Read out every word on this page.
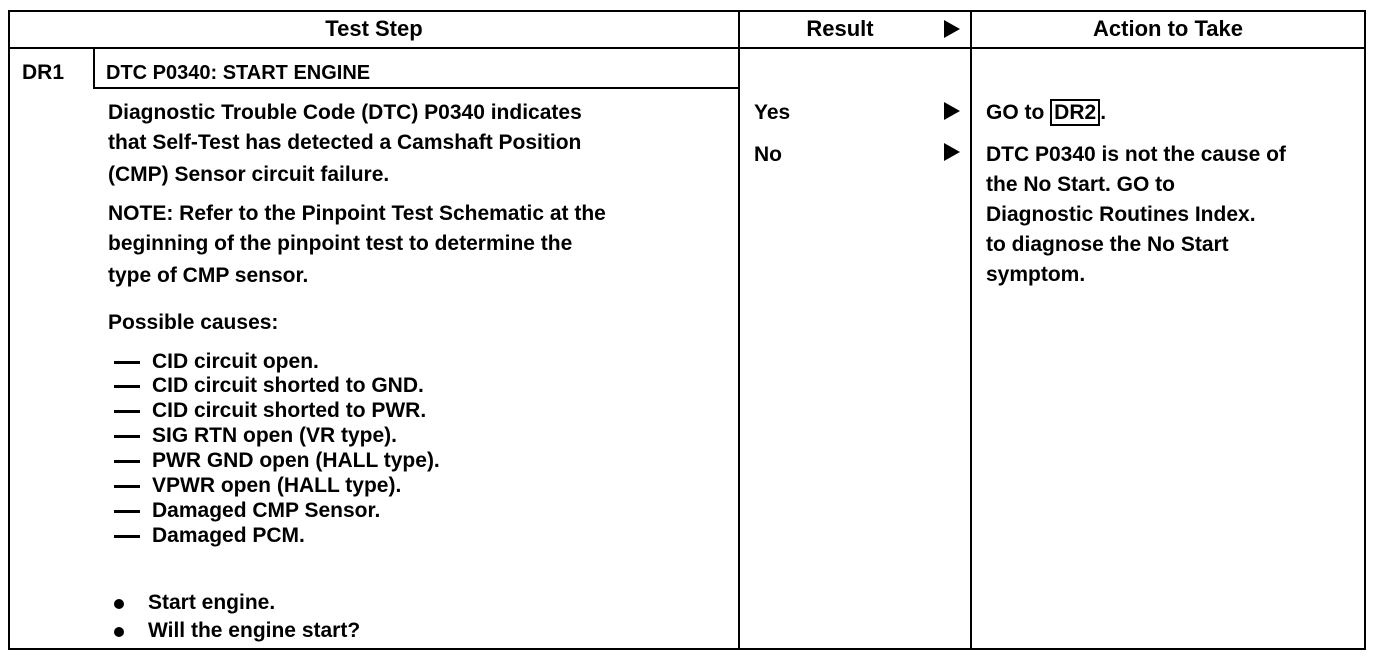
Test Step	Result	Action to Take
DR1 DTC P0340: START ENGINE
Diagnostic Trouble Code (DTC) P0340 indicates
that Self-Test has detected a Camshaft Position
(CMP) Sensor circuit failure.
NOTE: Refer to the Pinpoint Test Schematic at the
beginning of the pinpoint test to determine the
type of CMP sensor.
Possible causes:
CID circuit open.
CID circuit shorted to GND.
CID circuit shorted to PWR.
SIG RTN open (VR type).
PWR GND open (HALL type).
VPWR open (HALL type).
Damaged CMP Sensor.
Damaged PCM.
Start engine.
Will the engine start?
Yes
No
GO to DR2 .
DTC P0340 is not the cause of
the No Start. GO to
Diagnostic Routines Index.
to diagnose the No Start
symptom.
